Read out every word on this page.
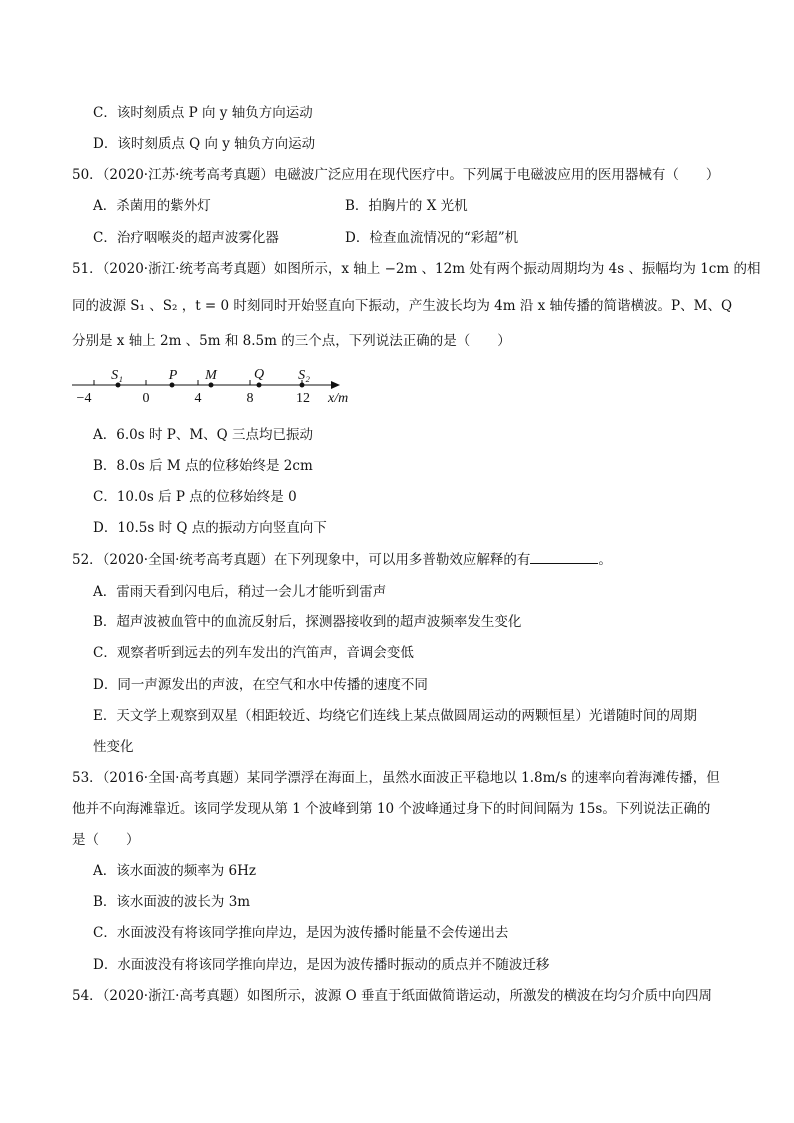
C．该时刻质点 P 向 y 轴负方向运动
D．该时刻质点 Q 向 y 轴负方向运动
50．（2020·江苏·统考高考真题）电磁波广泛应用在现代医疗中。下列属于电磁波应用的医用器械有（　　）
A．杀菌用的紫外灯	B．拍胸片的 X 光机
C．治疗咽喉炎的超声波雾化器	D．检查血流情况的“彩超”机
51．（2020·浙江·统考高考真题）如图所示，x 轴上 −2m 、12m 处有两个振动周期均为 4s 、振幅均为 1cm 的相
同的波源 S₁ 、S₂ ，t = 0 时刻同时开始竖直向下振动，产生波长均为 4m 沿 x 轴传播的简谐横波。P、M、Q
分别是 x 轴上 2m 、5m 和 8.5m 的三个点，下列说法正确的是（　　）
−4	0	4	8	12 x/m
S₁	P M	Q S₂
A．6.0s 时 P、M、Q 三点均已振动
B．8.0s 后 M 点的位移始终是 2cm
C．10.0s 后 P 点的位移始终是 0
D．10.5s 时 Q 点的振动方向竖直向下
52．（2020·全国·统考高考真题）在下列现象中，可以用多普勒效应解释的有	。
A．雷雨天看到闪电后，稍过一会儿才能听到雷声
B．超声波被血管中的血流反射后，探测器接收到的超声波频率发生变化
C．观察者听到远去的列车发出的汽笛声，音调会变低
D．同一声源发出的声波，在空气和水中传播的速度不同
E．天文学上观察到双星（相距较近、均绕它们连线上某点做圆周运动的两颗恒星）光谱随时间的周期
性变化
53．（2016·全国·高考真题）某同学漂浮在海面上，虽然水面波正平稳地以 1.8m/s 的速率向着海滩传播，但
他并不向海滩靠近。该同学发现从第 1 个波峰到第 10 个波峰通过身下的时间间隔为 15s。下列说法正确的
是（　　）
A．该水面波的频率为 6Hz
B．该水面波的波长为 3m
C．水面波没有将该同学推向岸边，是因为波传播时能量不会传递出去
D．水面波没有将该同学推向岸边，是因为波传播时振动的质点并不随波迁移
54．（2020·浙江·高考真题）如图所示，波源 O 垂直于纸面做简谐运动，所激发的横波在均匀介质中向四周
